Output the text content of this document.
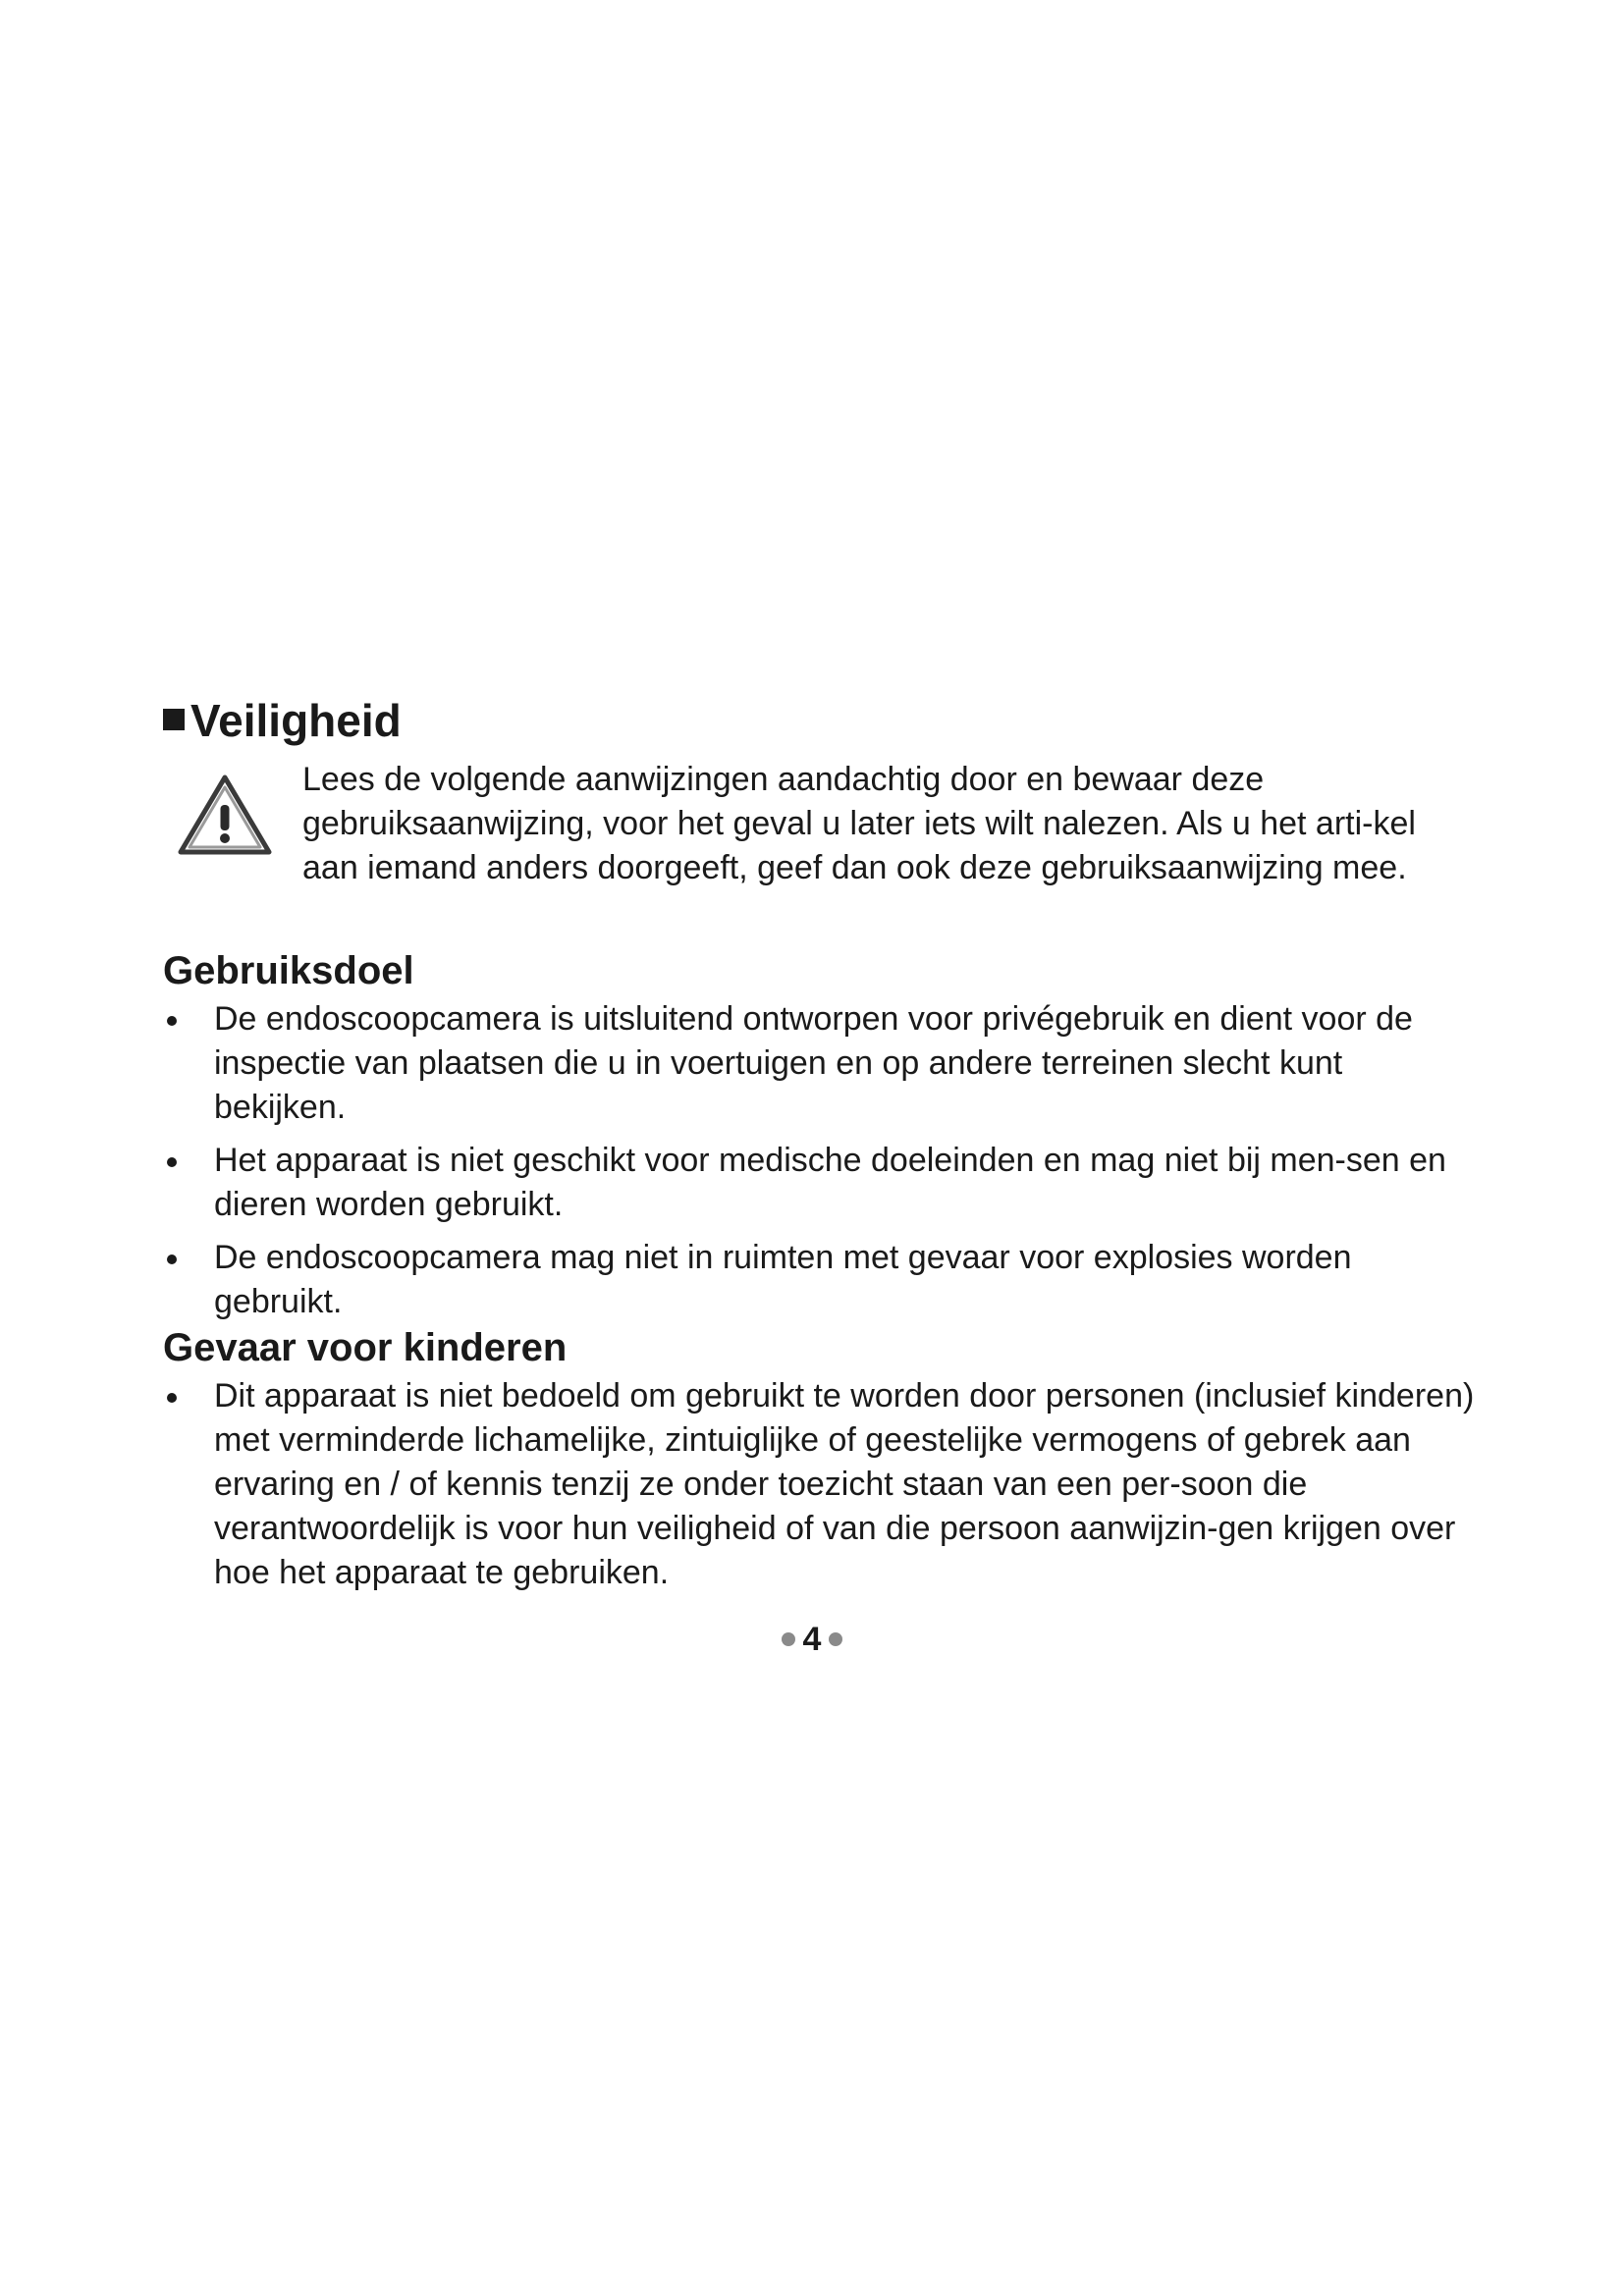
Veiligheid

Lees de volgende aanwijzingen aandachtig door en bewaar deze gebruiksaanwijzing, voor het geval u later iets wilt nalezen. Als u het arti-kel aan iemand anders doorgeeft, geef dan ook deze gebruiksaanwijzing mee.

Gebruiksdoel
De endoscoopcamera is uitsluitend ontworpen voor privégebruik en dient voor de inspectie van plaatsen die u in voertuigen en op andere terreinen slecht kunt bekijken.
Het apparaat is niet geschikt voor medische doeleinden en mag niet bij men-sen en dieren worden gebruikt.
De endoscoopcamera mag niet in ruimten met gevaar voor explosies worden gebruikt.
Gevaar voor kinderen
Dit apparaat is niet bedoeld om gebruikt te worden door personen (inclusief kinderen) met verminderde lichamelijke, zintuiglijke of geestelijke vermogens of gebrek aan ervaring en / of kennis tenzij ze onder toezicht staan van een per-soon die verantwoordelijk is voor hun veiligheid of van die persoon aanwijzin-gen krijgen over hoe het apparaat te gebruiken.
4
